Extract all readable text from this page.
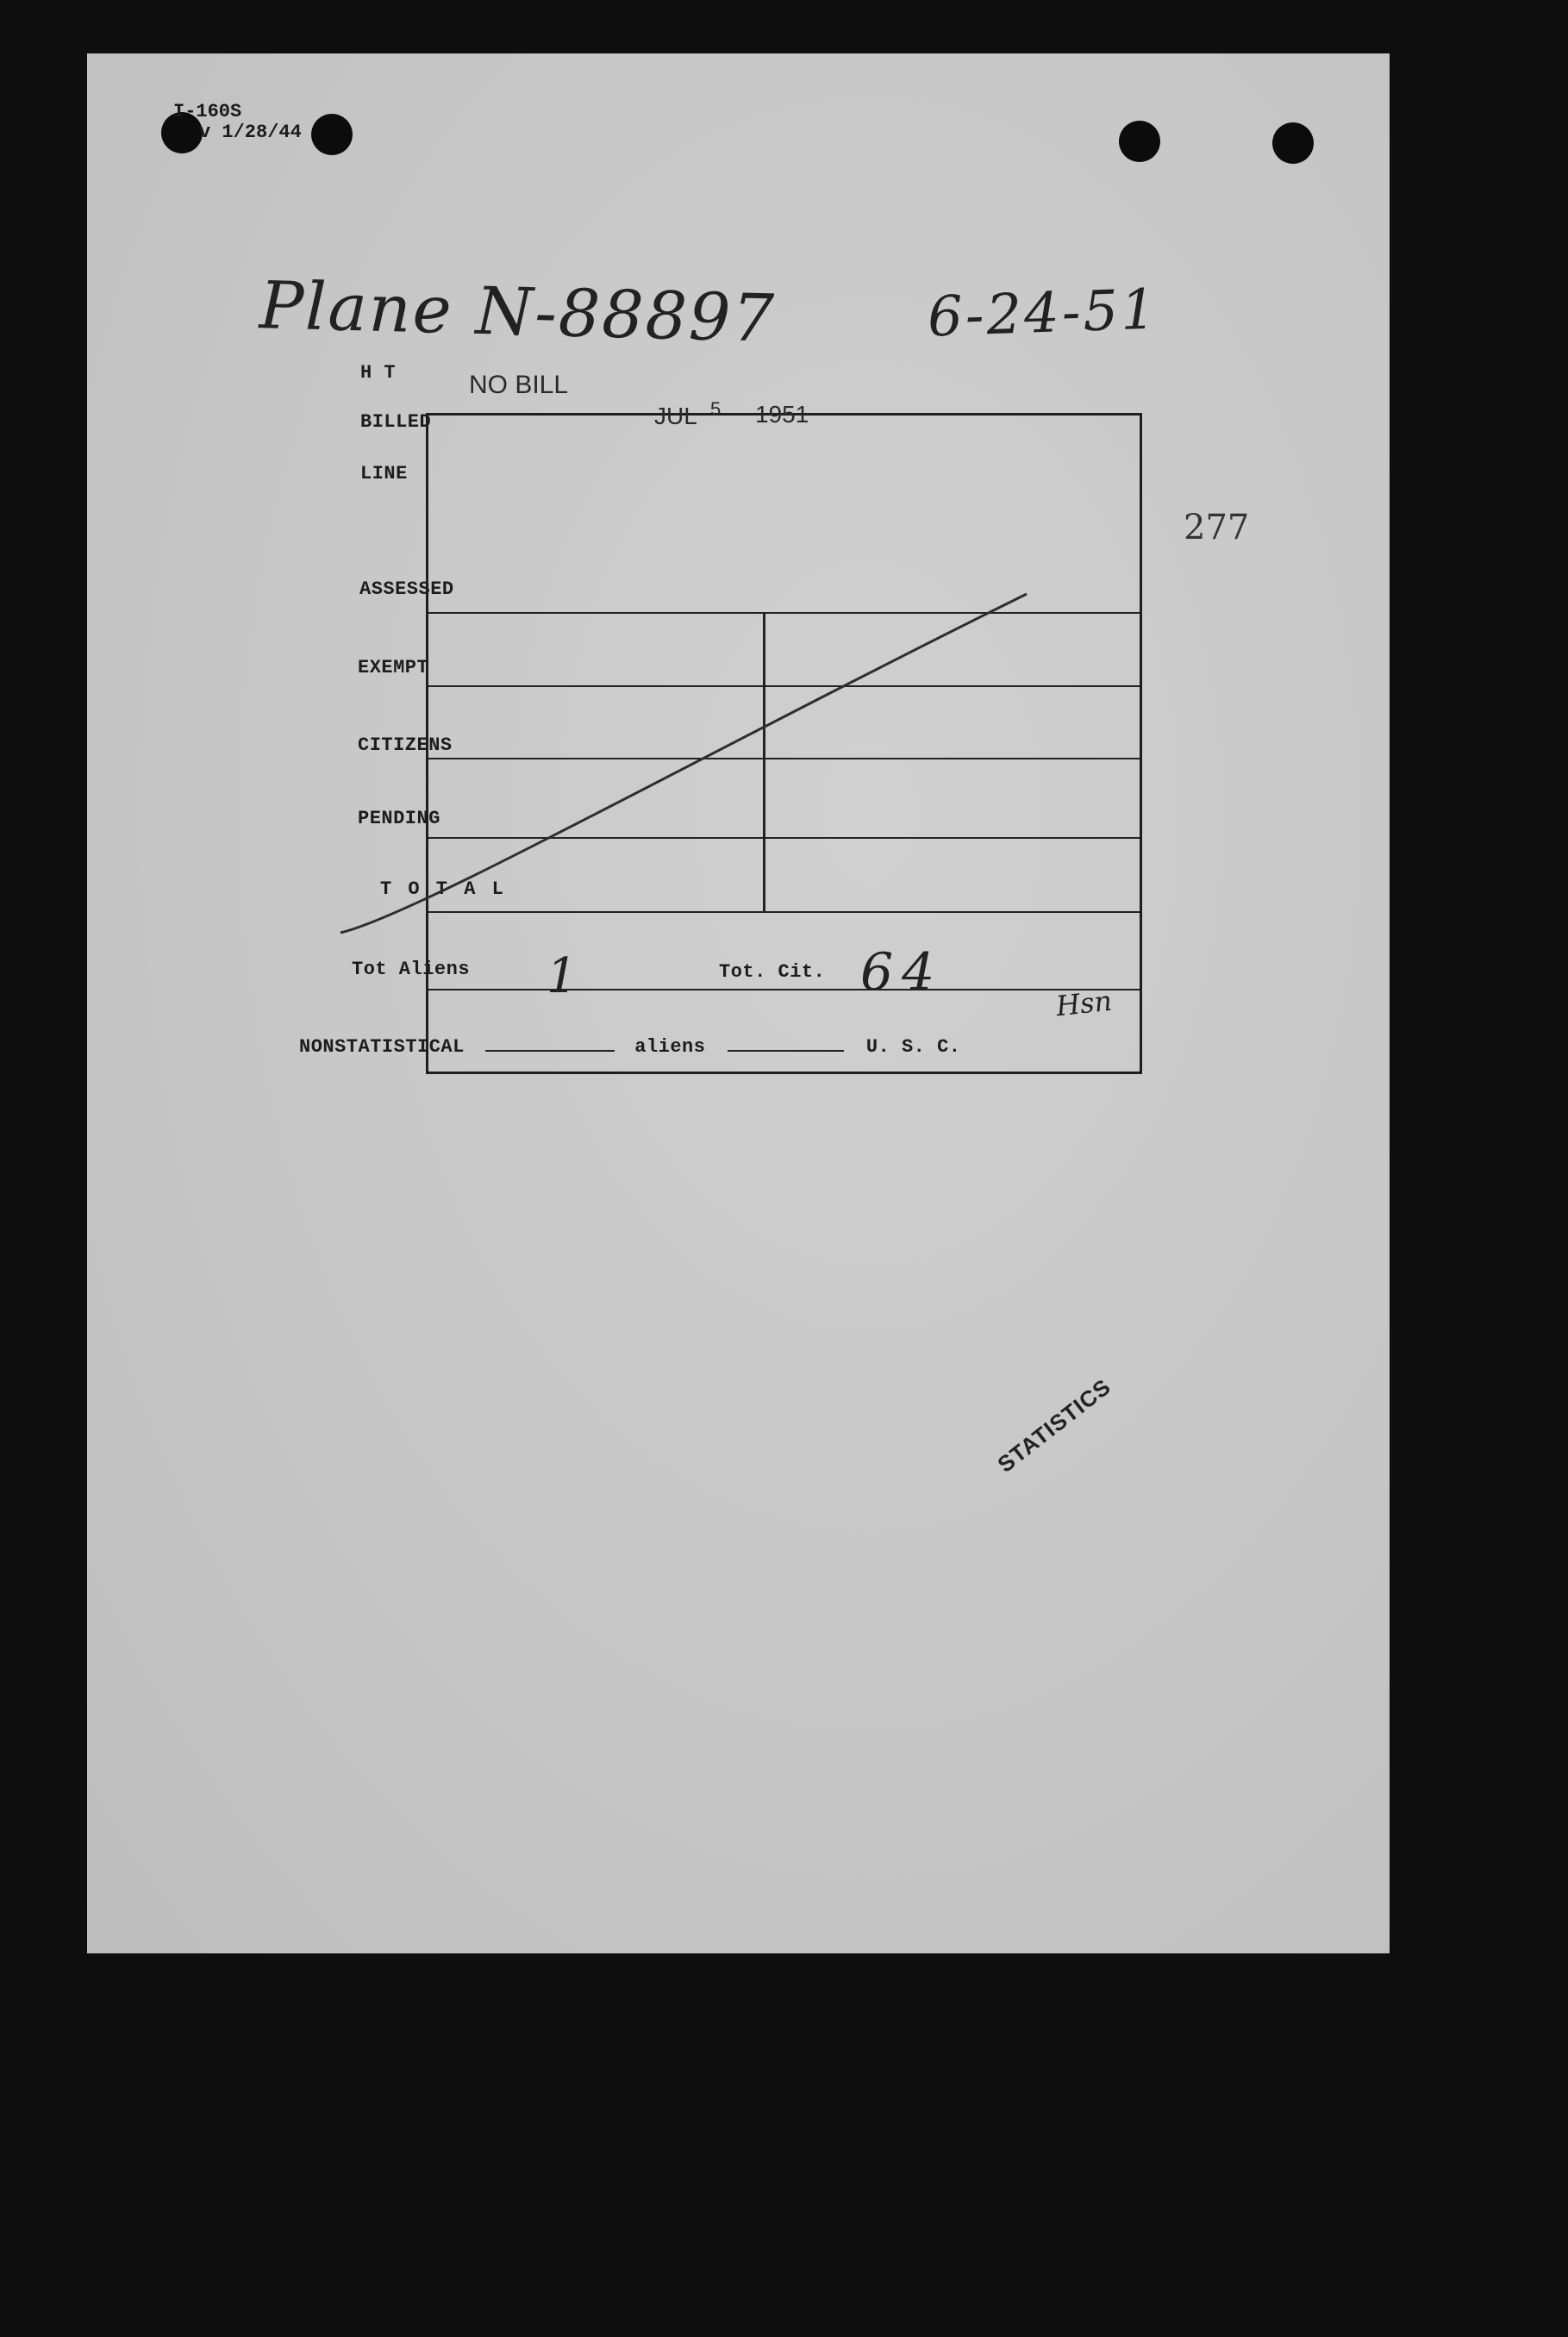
I-160S
v 1/28/44
Plane N-88897	6-24-51
277
H T	NO BILL
BILLED	JUL 5 1951
LINE
ASSESSED
EXEMPT
CITIZENS
PENDING
T O T A L
Tot Aliens 1	Tot. Cit. 64
Hsn
NONSTATISTICAL	aliens	U. S. C.
STATISTICS
